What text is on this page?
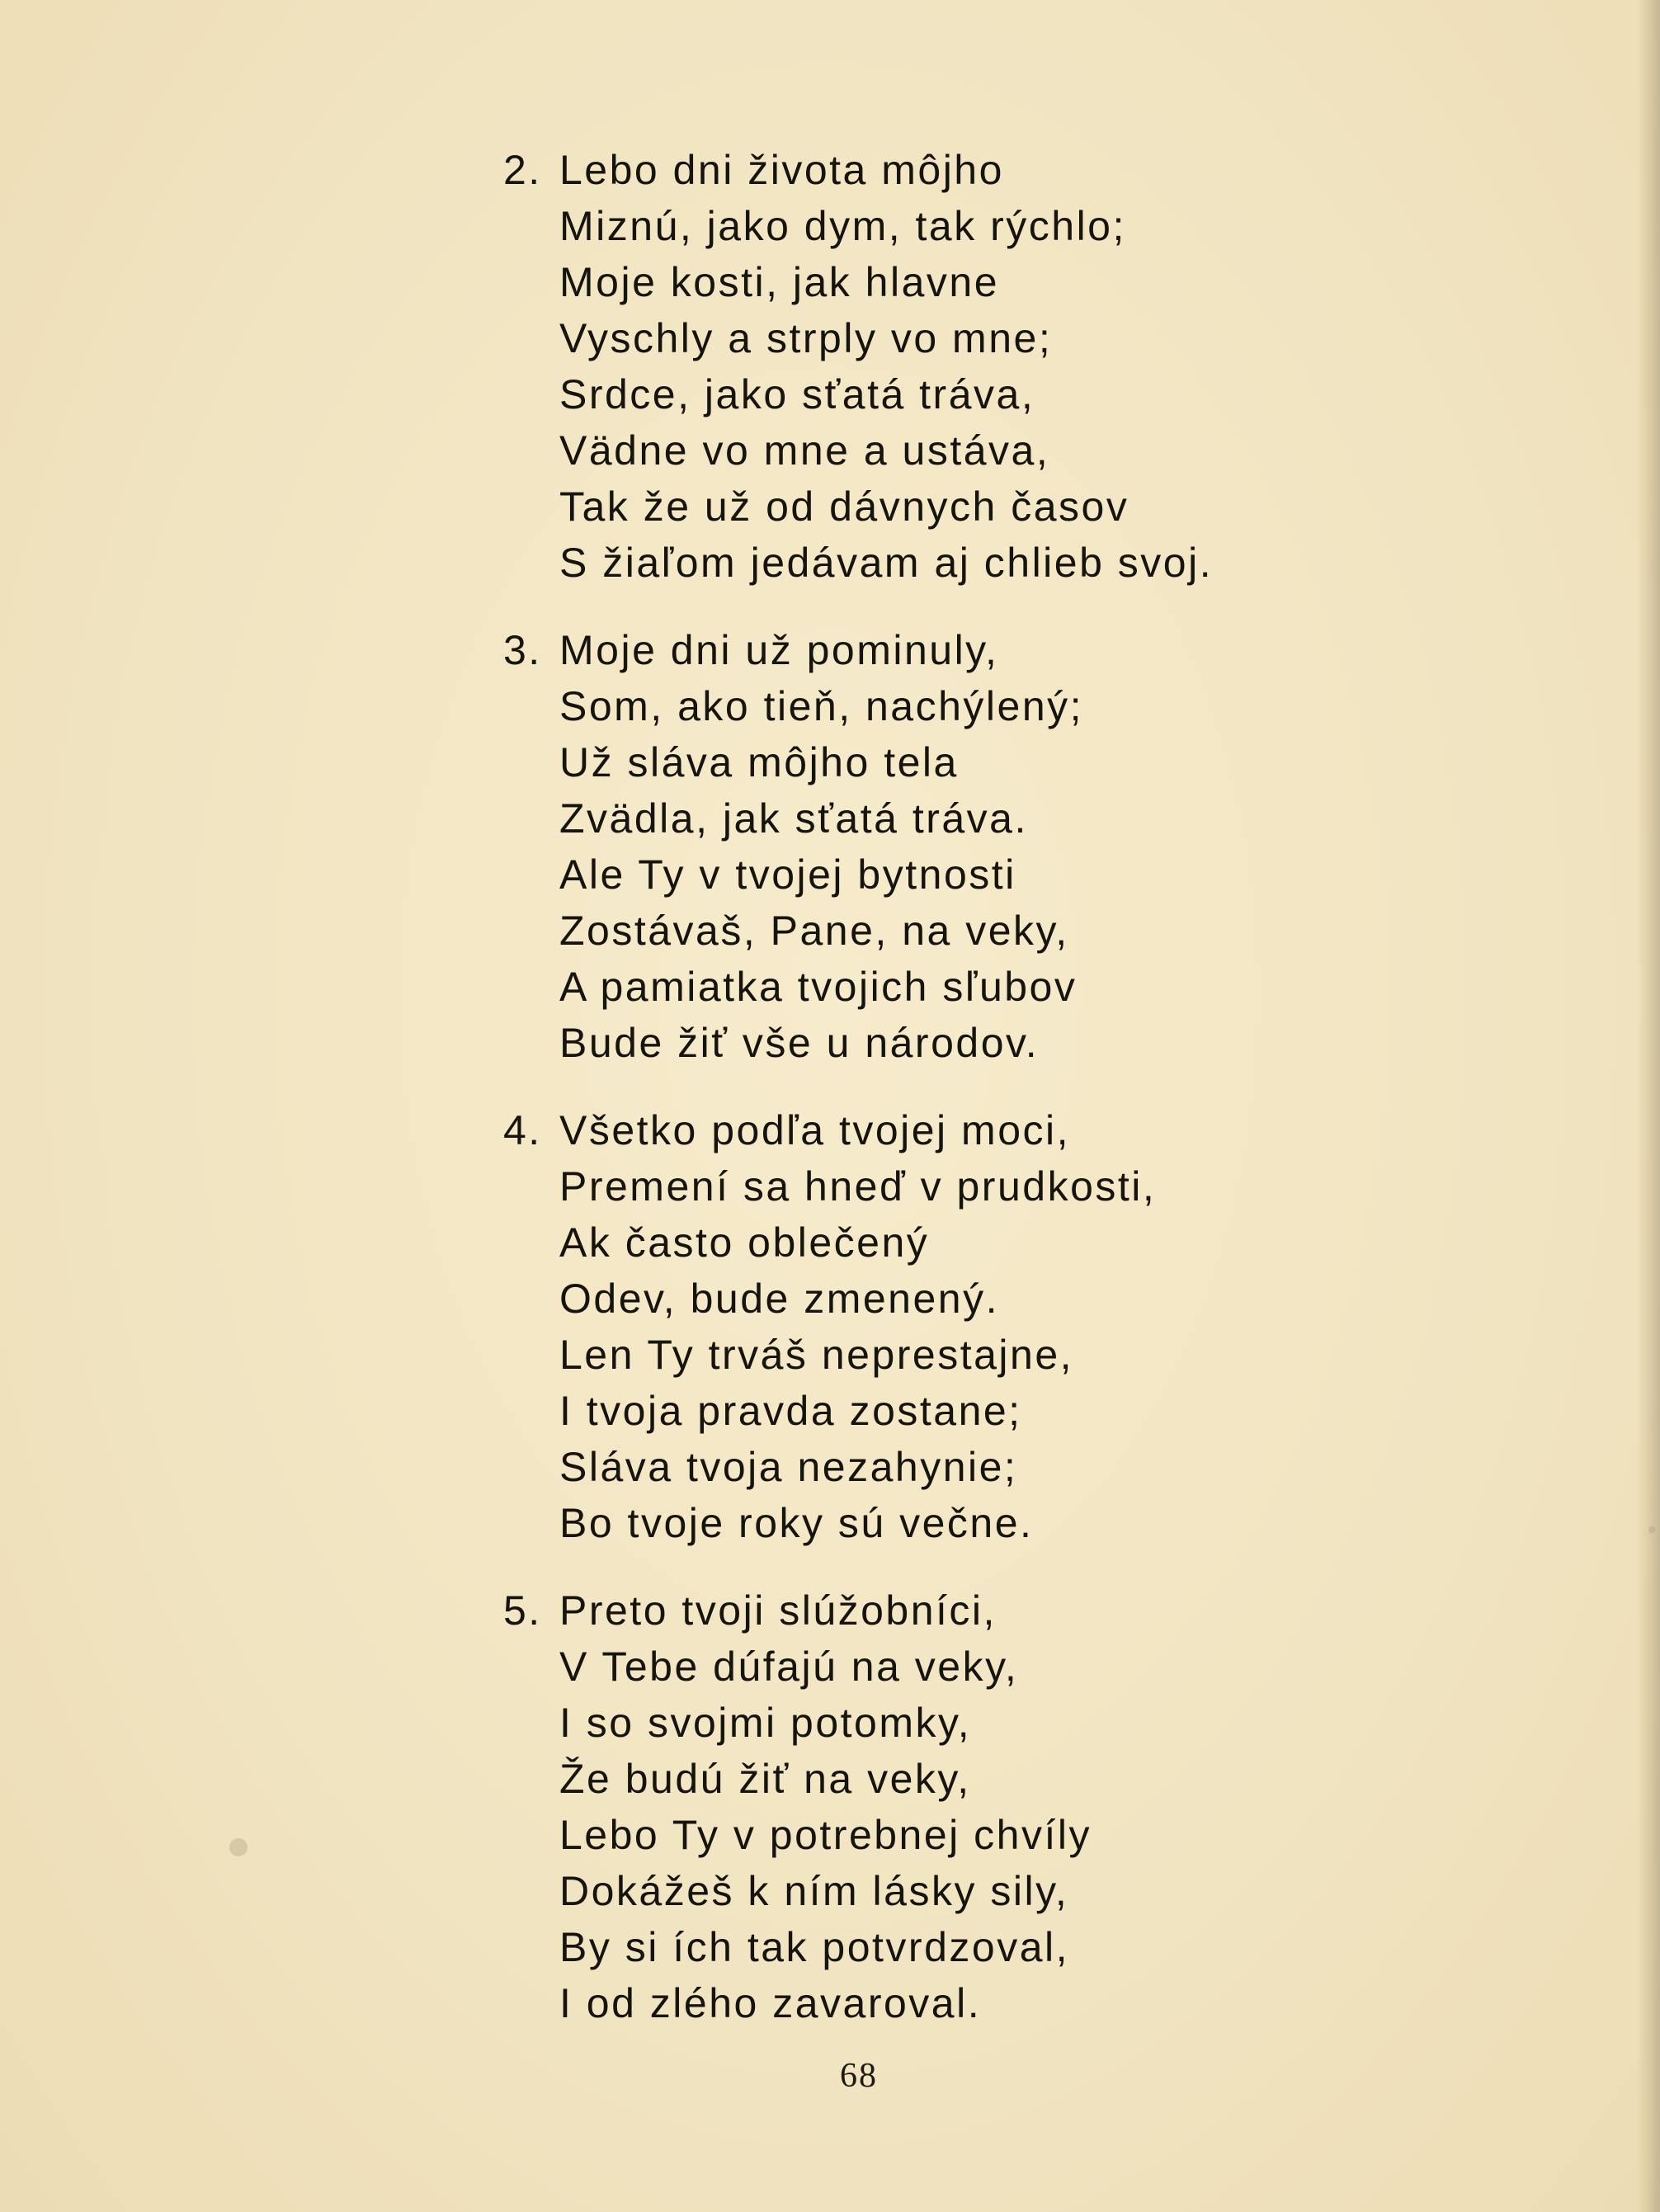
2. Lebo dni života môjho
Miznú, jako dym, tak rýchlo;
Moje kosti, jak hlavne
Vyschly a strply vo mne;
Srdce, jako sťatá tráva,
Vädne vo mne a ustáva,
Tak že už od dávnych časov
S žiaľom jedávam aj chlieb svoj.
3. Moje dni už pominuly,
Som, ako tieň, nachýlený;
Už sláva môjho tela
Zvädla, jak sťatá tráva.
Ale Ty v tvojej bytnosti
Zostávaš, Pane, na veky,
A pamiatka tvojich sľubov
Bude žiť vše u národov.
4. Všetko podľa tvojej moci,
Premení sa hneď v prudkosti,
Ak často oblečený
Odev, bude zmenený.
Len Ty trváš neprestajne,
I tvoja pravda zostane;
Sláva tvoja nezahynie;
Bo tvoje roky sú večne.
5. Preto tvoji slúžobníci,
V Tebe dúfajú na veky,
I so svojmi potomky,
Že budú žiť na veky,
Lebo Ty v potrebnej chvíly
Dokážeš k ním lásky sily,
By si ích tak potvrdzoval,
I od zlého zavaroval.
68
